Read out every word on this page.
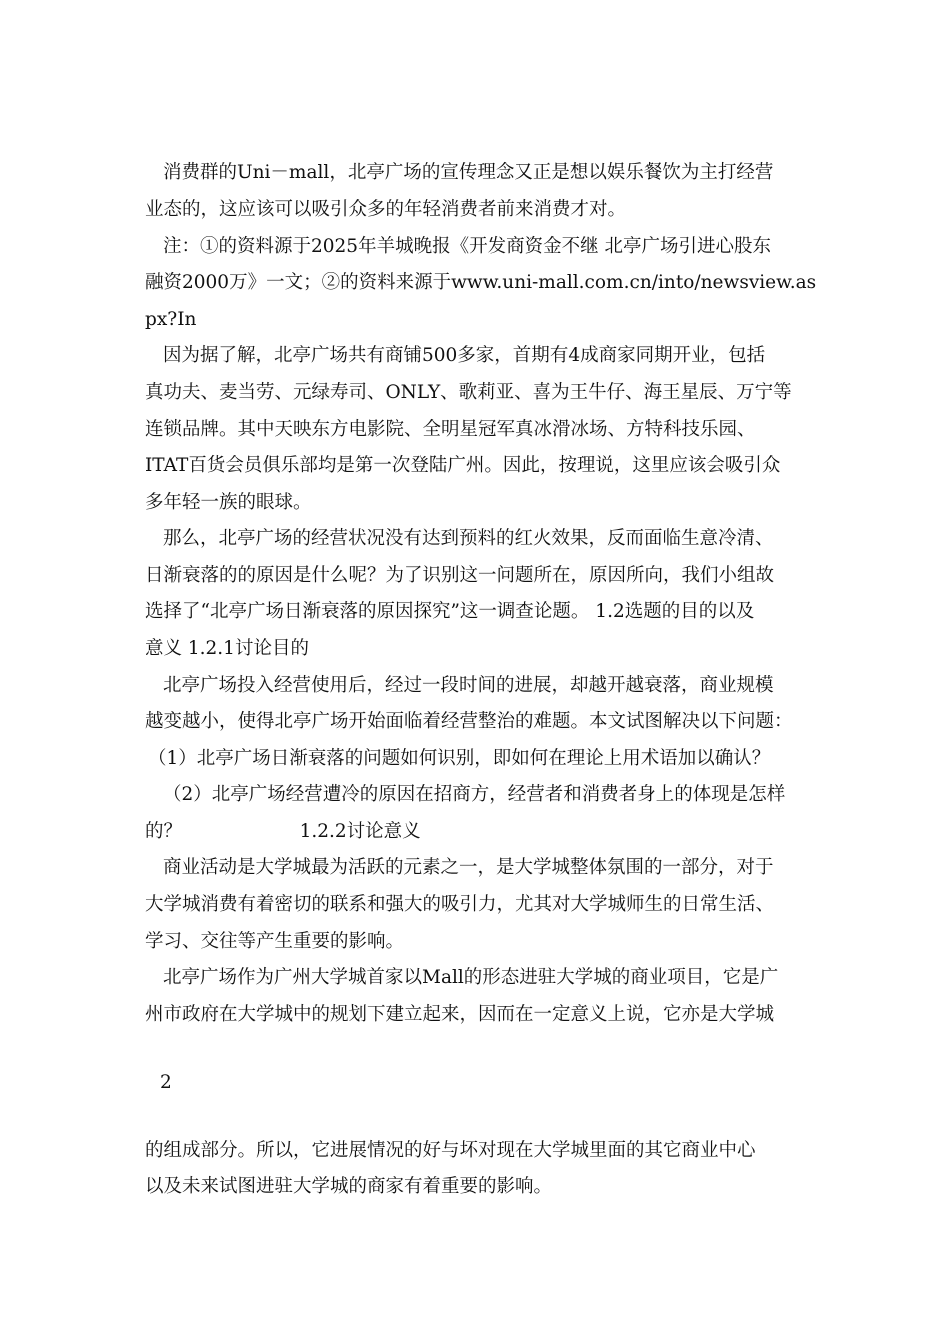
消费群的Uni－mall，北亭广场的宣传理念又正是想以娱乐餐饮为主打经营
业态的，这应该可以吸引众多的年轻消费者前来消费才对。
注：①的资料源于2025年羊城晚报《开发商资金不继 北亭广场引进心股东
融资2000万》一文；②的资料来源于www.uni-mall.com.cn/into/newsview.as
px?In
因为据了解，北亭广场共有商铺500多家，首期有4成商家同期开业，包括
真功夫、麦当劳、元绿寿司、ONLY、歌莉亚、喜为王牛仔、海王星辰、万宁等
连锁品牌。其中天映东方电影院、全明星冠军真冰滑冰场、方特科技乐园、
ITAT百货会员俱乐部均是第一次登陆广州。因此，按理说，这里应该会吸引众
多年轻一族的眼球。
那么，北亭广场的经营状况没有达到预料的红火效果，反而面临生意冷清、
日渐衰落的的原因是什么呢？为了识别这一问题所在，原因所向，我们小组故
选择了“北亭广场日渐衰落的原因探究”这一调查论题。 1.2选题的目的以及
意义 1.2.1讨论目的
北亭广场投入经营使用后，经过一段时间的进展，却越开越衰落，商业规模
越变越小，使得北亭广场开始面临着经营整治的难题。本文试图解决以下问题：
（1）北亭广场日渐衰落的问题如何识别，即如何在理论上用术语加以确认？
（2）北亭广场经营遭冷的原因在招商方，经营者和消费者身上的体现是怎样
的？                    1.2.2讨论意义
商业活动是大学城最为活跃的元素之一，是大学城整体氛围的一部分，对于
大学城消费有着密切的联系和强大的吸引力，尤其对大学城师生的日常生活、
学习、交往等产生重要的影响。
北亭广场作为广州大学城首家以Mall的形态进驻大学城的商业项目，它是广
州市政府在大学城中的规划下建立起来，因而在一定意义上说，它亦是大学城
2
的组成部分。所以，它进展情况的好与坏对现在大学城里面的其它商业中心
以及未来试图进驻大学城的商家有着重要的影响。
